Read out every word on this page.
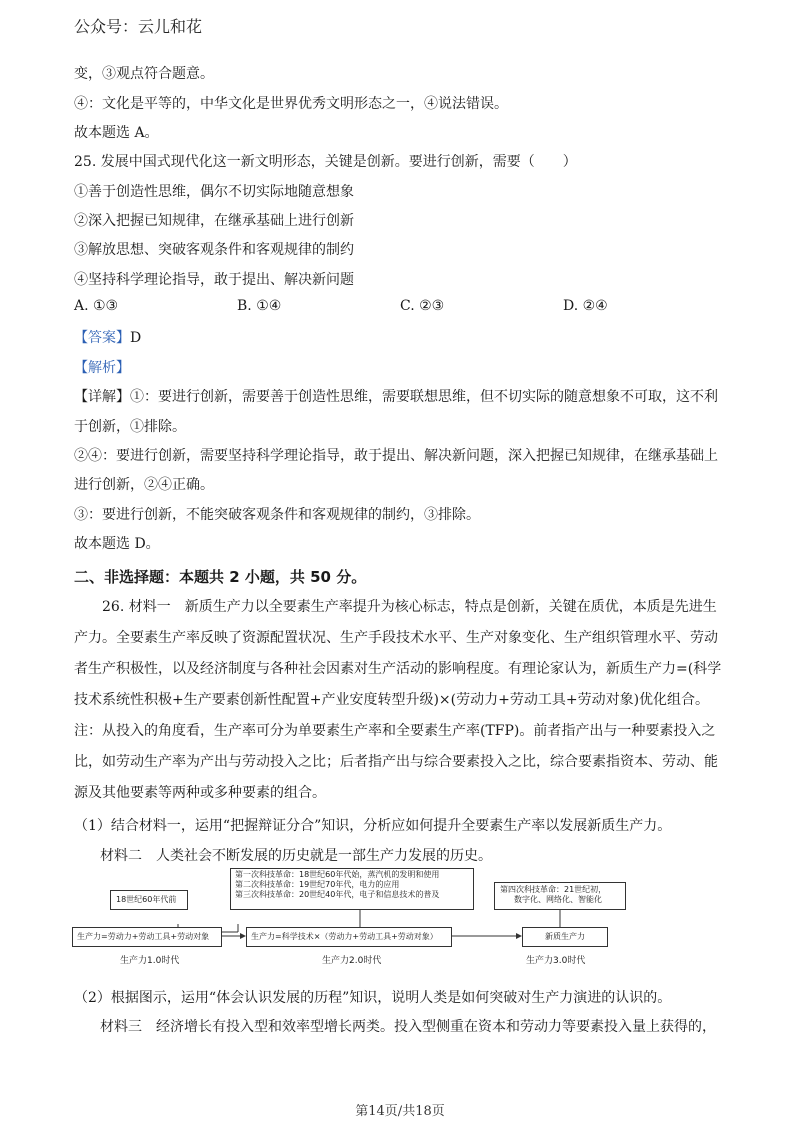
公众号：云儿和花
变，③观点符合题意。
④：文化是平等的，中华文化是世界优秀文明形态之一，④说法错误。
故本题选 A。
25. 发展中国式现代化这一新文明形态，关键是创新。要进行创新，需要（　　）
①善于创造性思维，偶尔不切实际地随意想象
②深入把握已知规律，在继承基础上进行创新
③解放思想、突破客观条件和客观规律的制约
④坚持科学理论指导，敢于提出、解决新问题
A. ①③	B. ①④	C. ②③	D. ②④
【答案】D
【解析】
【详解】①：要进行创新，需要善于创造性思维，需要联想思维，但不切实际的随意想象不可取，这不利
于创新，①排除。
②④：要进行创新，需要坚持科学理论指导，敢于提出、解决新问题，深入把握已知规律，在继承基础上
进行创新，②④正确。
③：要进行创新，不能突破客观条件和客观规律的制约，③排除。
故本题选 D。
二、非选择题：本题共 2 小题，共 50 分。

26. 材料一　新质生产力以全要素生产率提升为核心标志，特点是创新，关键在质优，本质是先进生产力。全要素生产率反映了资源配置状况、生产手段技术水平、生产对象变化、生产组织管理水平、劳动者生产积极性，以及经济制度与各种社会因素对生产活动的影响程度。有理论家认为，新质生产力=(科学技术系统性积极+生产要素创新性配置+产业安度转型升级)×(劳动力+劳动工具+劳动对象)优化组合。注：从投入的角度看，生产率可分为单要素生产率和全要素生产率(TFP)。前者指产出与一种要素投入之比，如劳动生产率为产出与劳动投入之比；后者指产出与综合要素投入之比，综合要素指资本、劳动、能源及其他要素等两种或多种要素的组合。

（1）结合材料一，运用“把握辩证分合”知识，分析应如何提升全要素生产率以发展新质生产力。
材料二　人类社会不断发展的历史就是一部生产力发展的历史。
18世纪60年代前
第一次科技革命：18世纪60年代始，蒸汽机的发明和使用
第二次科技革命：19世纪70年代，电力的应用
第三次科技革命：20世纪40年代，电子和信息技术的普及
第四次科技革命：21世纪初，
数字化、网络化、智能化
生产力=劳动力+劳动工具+劳动对象	生产力=科学技术×（劳动力+劳动工具+劳动对象）	新质生产力
生产力1.0时代	生产力2.0时代	生产力3.0时代
（2）根据图示，运用“体会认识发展的历程”知识，说明人类是如何突破对生产力演进的认识的。
材料三　经济增长有投入型和效率型增长两类。投入型侧重在资本和劳动力等要素投入量上获得的，
第14页/共18页
